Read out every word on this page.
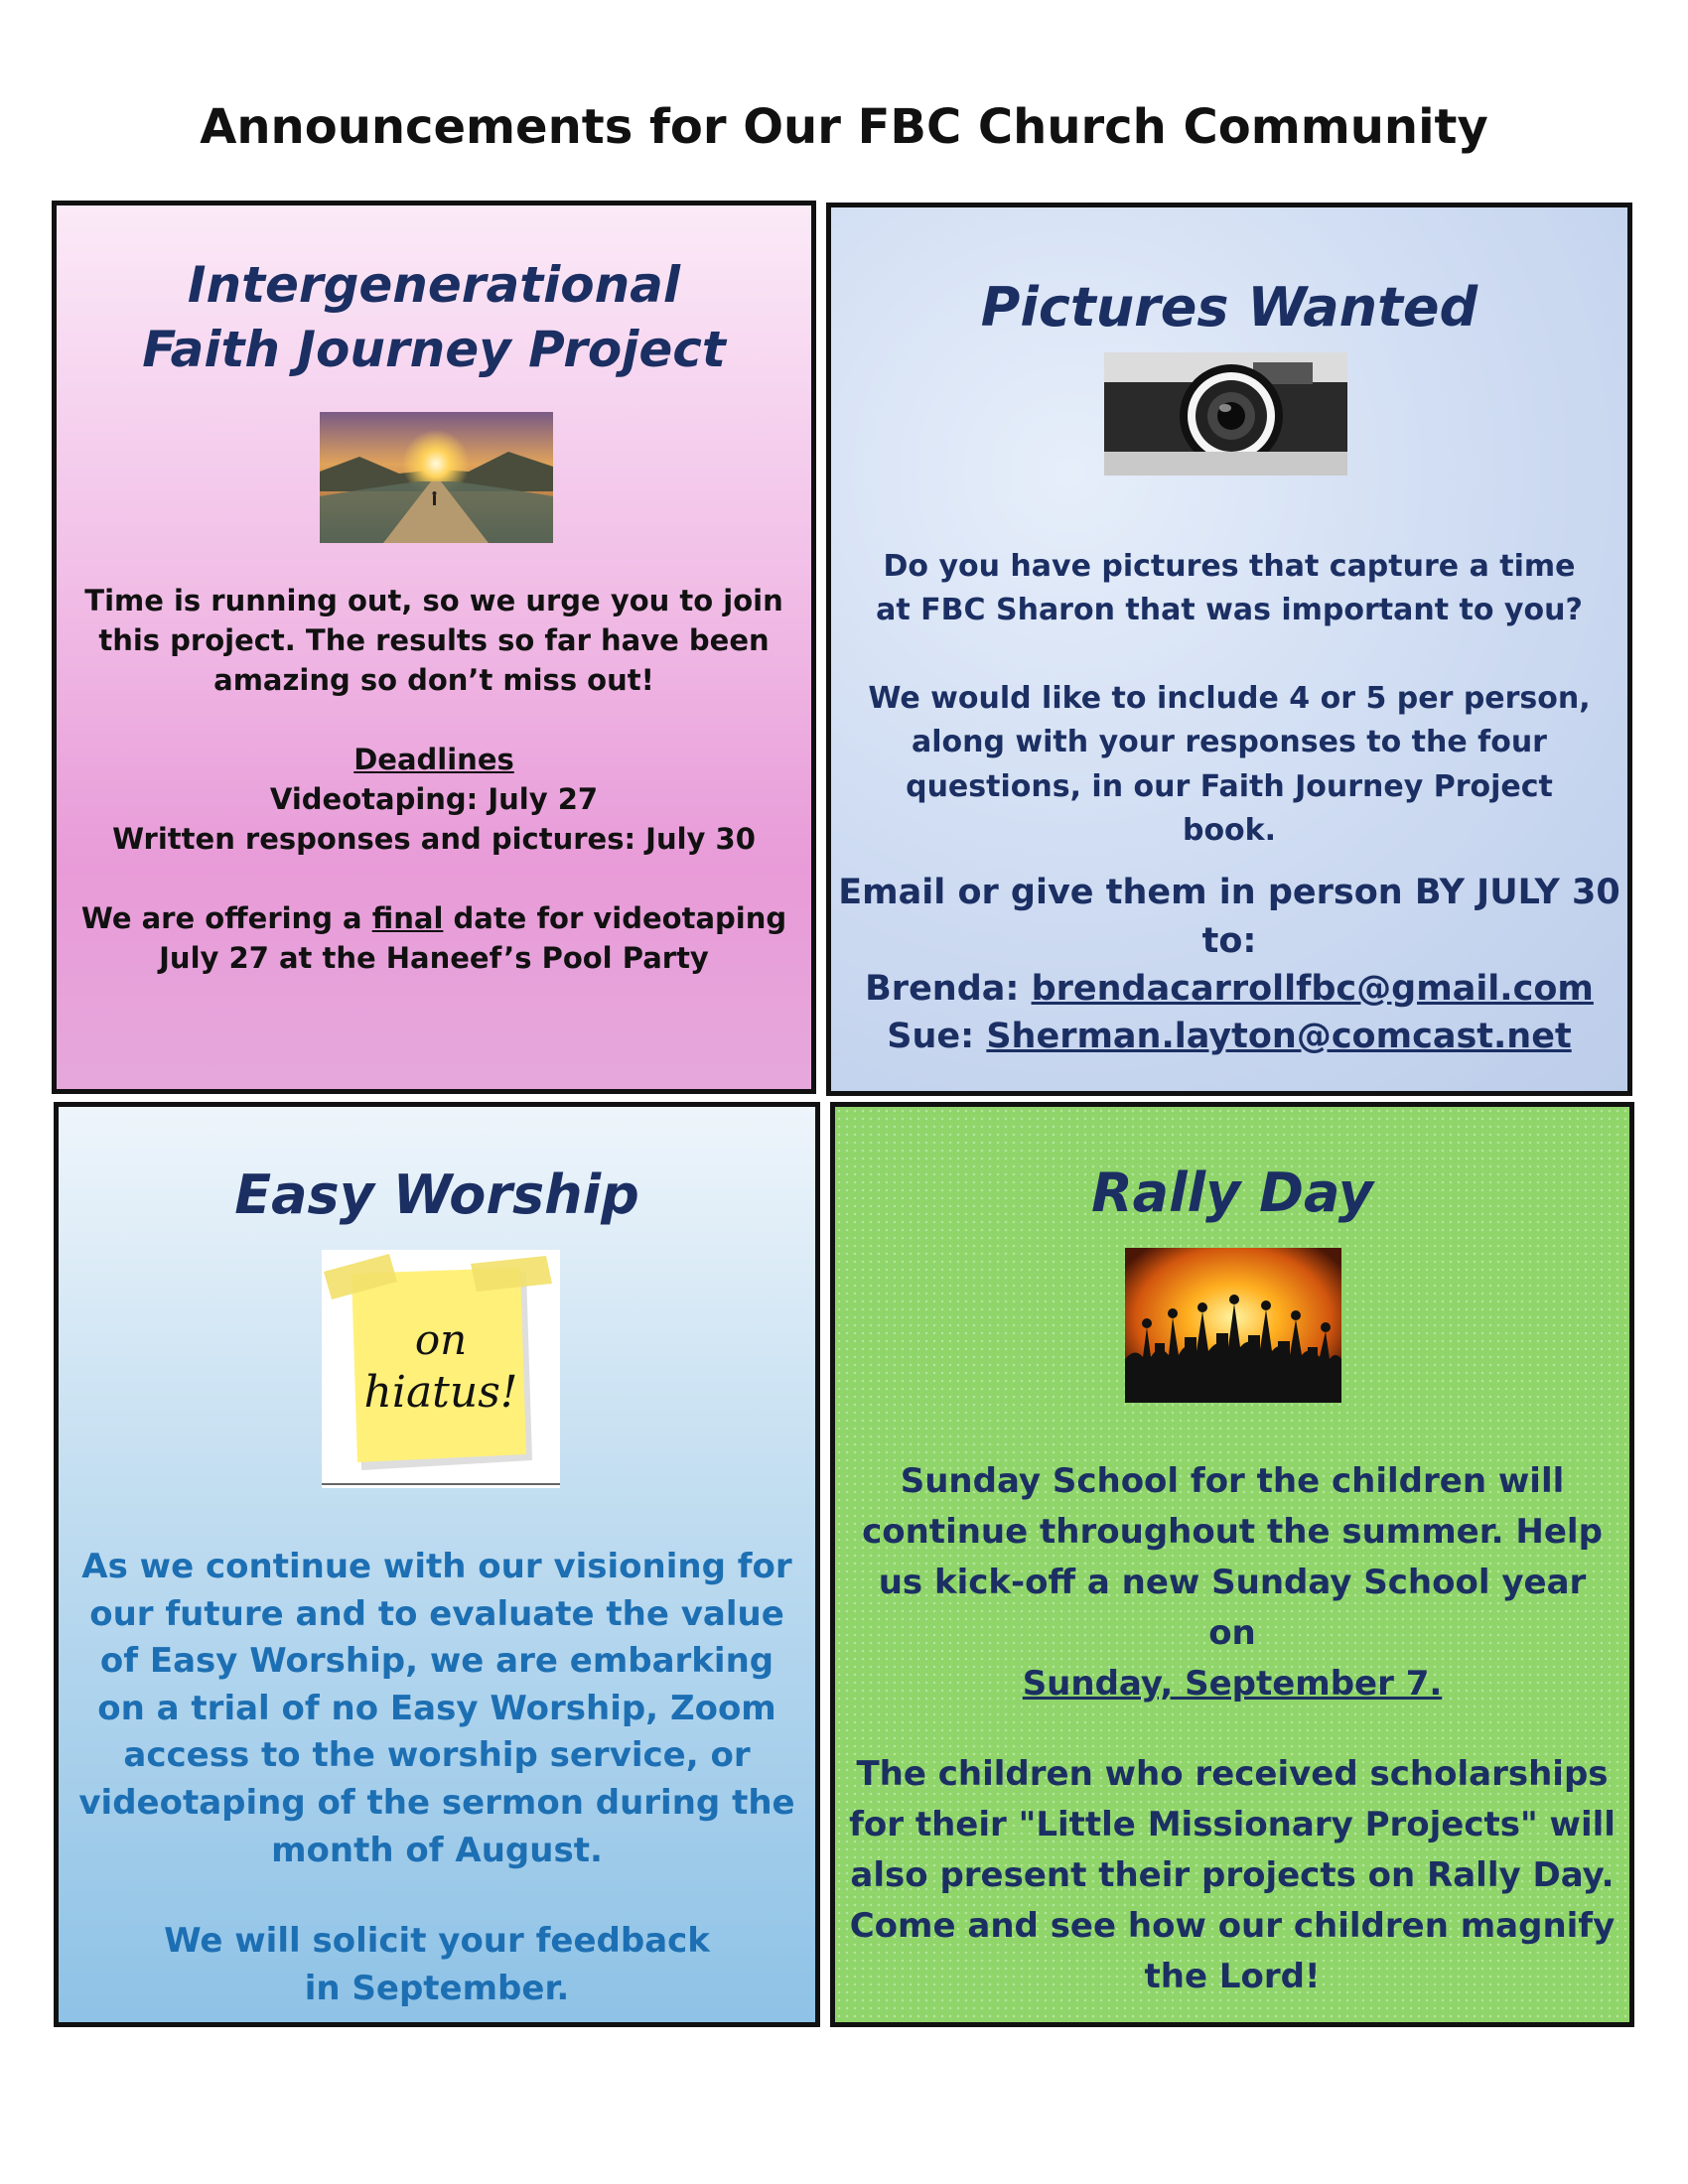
Announcements for Our FBC Church Community
Intergenerational
Faith Journey Project

Time is running out, so we urge you to join this project. The results so far have been amazing so don’t miss out!

Deadlines

Videotaping: July 27

Written responses and pictures: July 30

We are offering a final date for videotaping

July 27 at the Haneef’s Pool Party

Pictures Wanted

Do you have pictures that capture a time at FBC Sharon that was important to you?

We would like to include 4 or 5 per person, along with your responses to the four questions, in our Faith Journey Project book.

Email or give them in person BY JULY 30 to:

Brenda: brendacarrollfbc@gmail.com

Sue: Sherman.layton@comcast.net

Easy Worship
on
hiatus!

As we continue with our visioning for our future and to evaluate the value of Easy Worship, we are embarking on a trial of no Easy Worship, Zoom access to the worship service, or videotaping of the sermon during the month of August.

We will solicit your feedback in September.

Rally Day

Sunday School for the children will continue throughout the summer. Help us kick-off a new Sunday School year on

Sunday, September 7.

The children who received scholarships for their "Little Missionary Projects" will also present their projects on Rally Day. Come and see how our children magnify the Lord!
